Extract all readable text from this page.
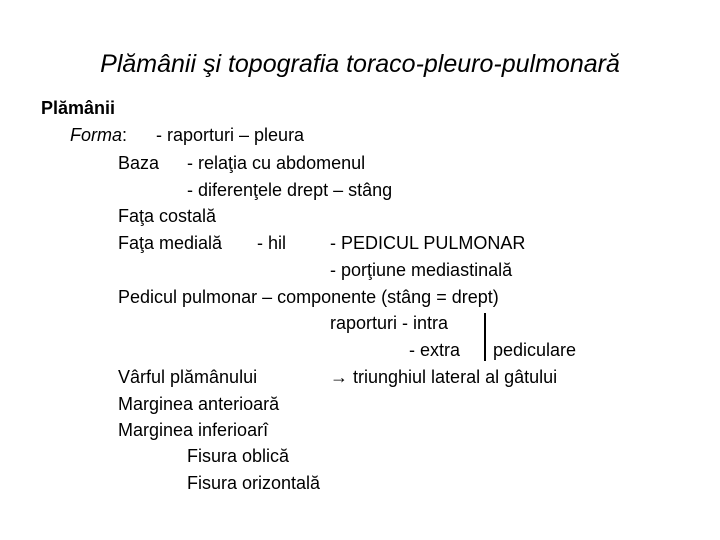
Plămânii şi topografia toraco-pleuro-pulmonară
Plămânii
Forma: - raporturi – pleura
Baza - relaţia cu abdomenul
- diferenţele drept – stâng
Faţa costală
Faţa medială - hil - PEDICUL PULMONAR
- porţiune mediastinală
Pedicul pulmonar – componente (stâng = drept)
raporturi - intra
- extra pediculare
Vârful plămânului	→ triunghiul lateral al gâtului
Marginea anterioară
Marginea inferioarî
Fisura oblică
Fisura orizontală
